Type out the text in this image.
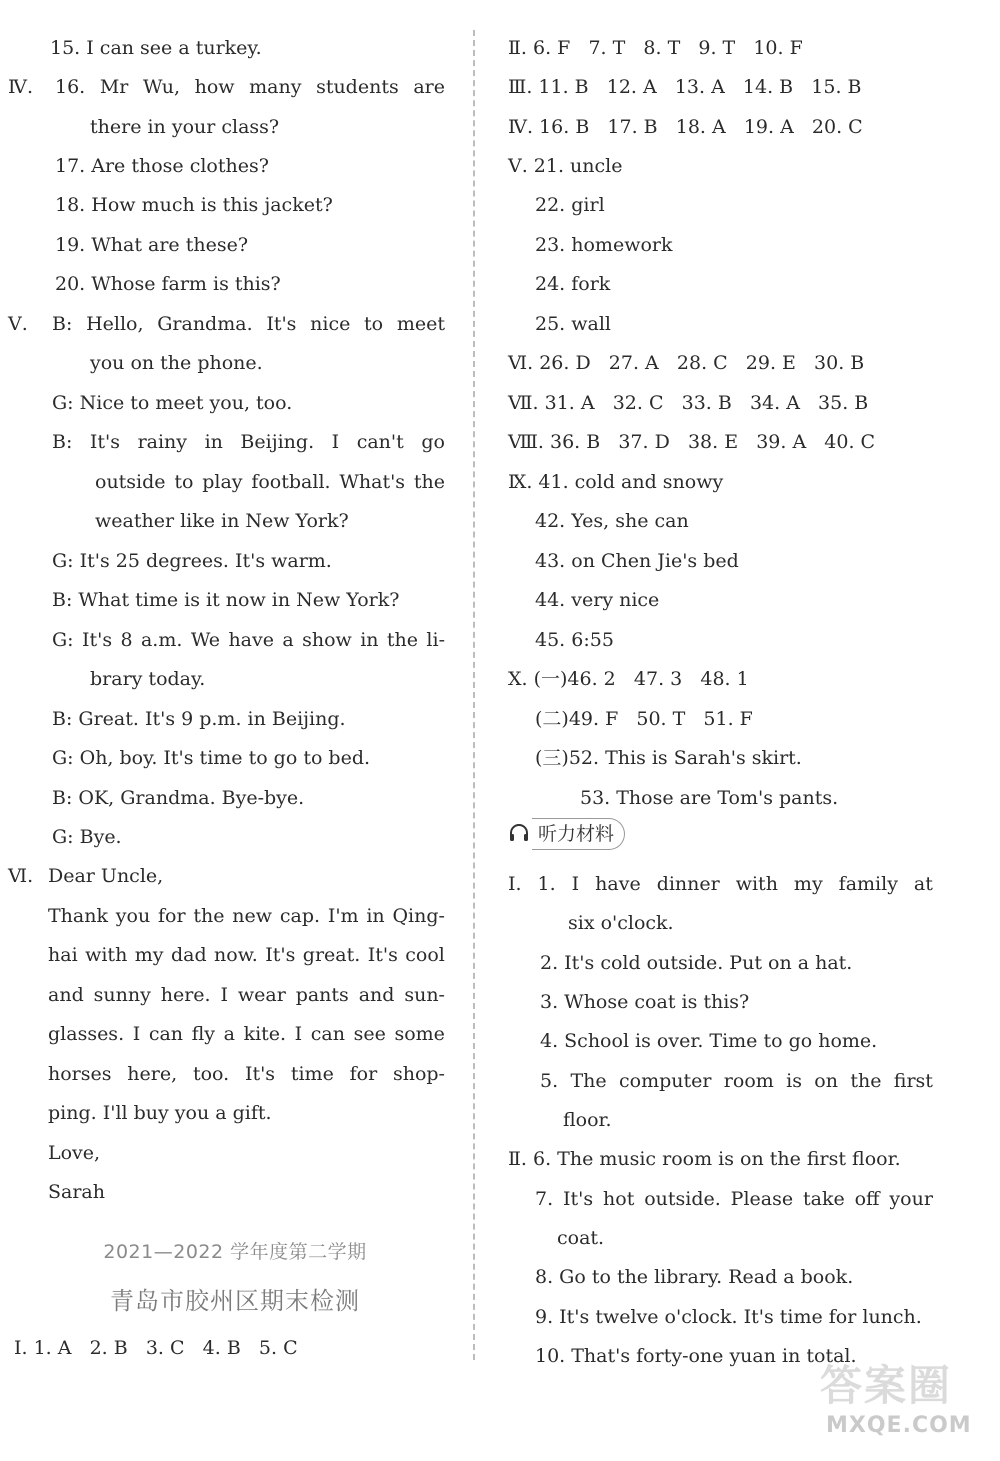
15. I can see a turkey.
Ⅳ. 16. Mr Wu, how many students are
there in your class?
17. Are those clothes?
18. How much is this jacket?
19. What are these?
20. Whose farm is this?
Ⅴ. B: Hello, Grandma. It's nice to meet
you on the phone.
G: Nice to meet you, too.
B: It's rainy in Beijing. I can't go
outside to play football. What's the
weather like in New York?
G: It's 25 degrees. It's warm.
B: What time is it now in New York?
G: It's 8 a.m. We have a show in the li-
brary today.
B: Great. It's 9 p.m. in Beijing.
G: Oh, boy. It's time to go to bed.
B: OK, Grandma. Bye-bye.
G: Bye.
Ⅵ. Dear Uncle,
Thank you for the new cap. I'm in Qing-
hai with my dad now. It's great. It's cool
and sunny here. I wear pants and sun-
glasses. I can fly a kite. I can see some
horses here, too. It's time for shop-
ping. I'll buy you a gift.
Love,
Sarah
2021—2022 学年度第二学期
青岛市胶州区期末检测
Ⅰ. 1. A   2. B   3. C   4. B   5. C
Ⅱ. 6. F   7. T   8. T   9. T   10. F
Ⅲ. 11. B   12. A   13. A   14. B   15. B
Ⅳ. 16. B   17. B   18. A   19. A   20. C
Ⅴ. 21. uncle
22. girl
23. homework
24. fork
25. wall
Ⅵ. 26. D   27. A   28. C   29. E   30. B
Ⅶ. 31. A   32. C   33. B   34. A   35. B
Ⅷ. 36. B   37. D   38. E   39. A   40. C
Ⅸ. 41. cold and snowy
42. Yes, she can
43. on Chen Jie's bed
44. very nice
45. 6:55
Ⅹ. (一)46. 2   47. 3   48. 1
(二)49. F   50. T   51. F
(三)52. This is Sarah's skirt.
53. Those are Tom's pants.
听力材料
Ⅰ. 1. I have dinner with my family at
six o'clock.
2. It's cold outside. Put on a hat.
3. Whose coat is this?
4. School is over. Time to go home.
5. The computer room is on the first
floor.
Ⅱ. 6. The music room is on the first floor.
7. It's hot outside. Please take off your
coat.
8. Go to the library. Read a book.
9. It's twelve o'clock. It's time for lunch.
10. That's forty-one yuan in total.
答案圈
MXQE.COM
